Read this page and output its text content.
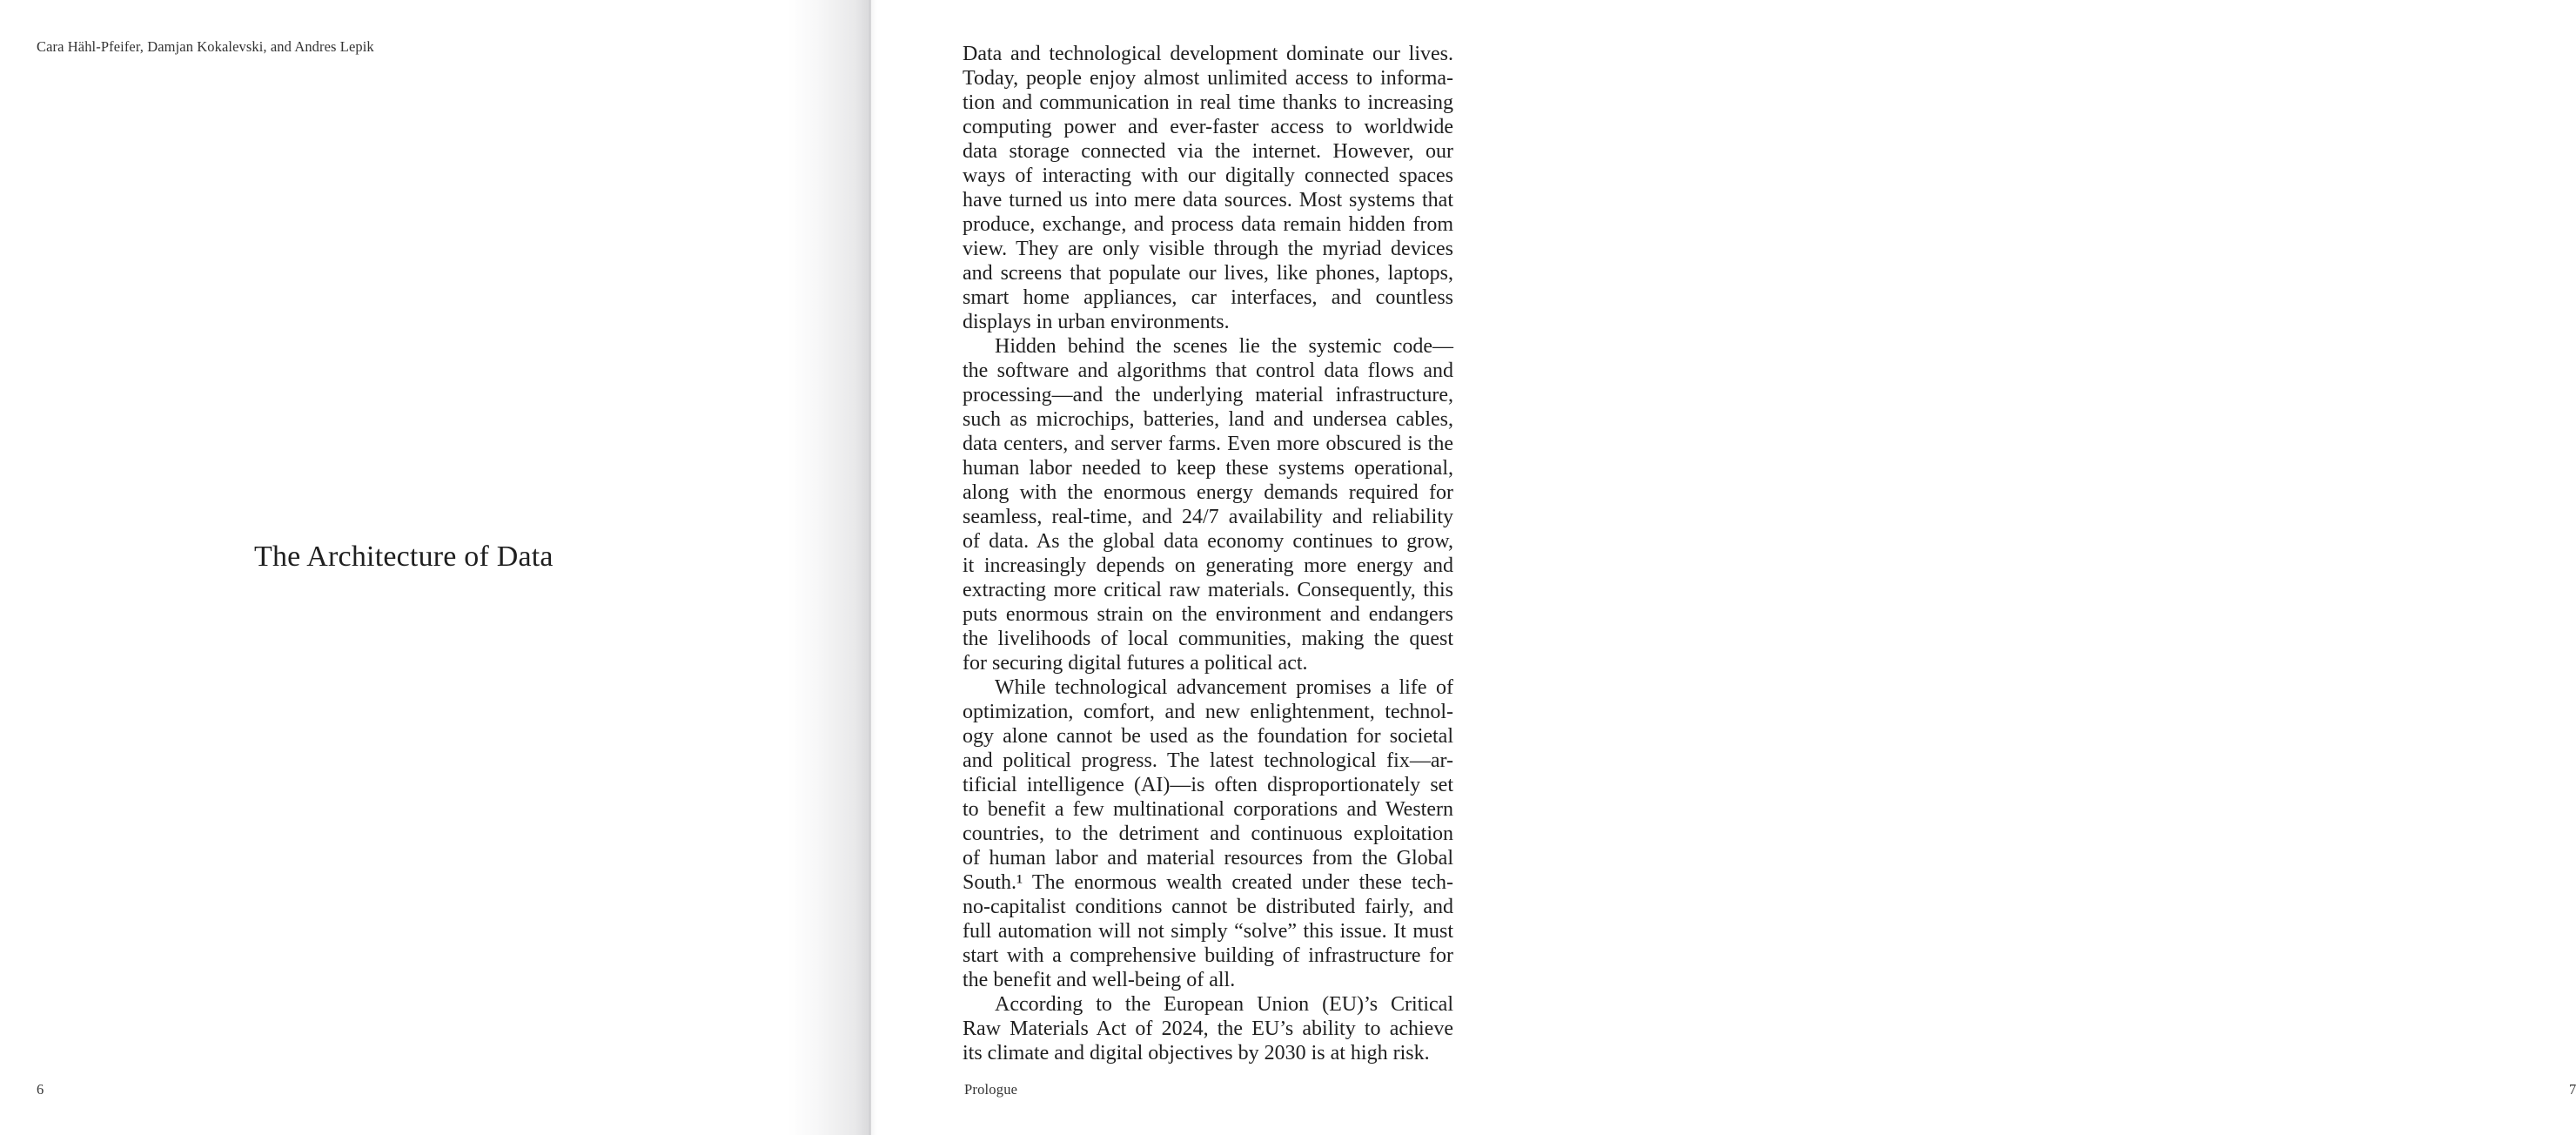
Cara Hähl-Pfeifer, Damjan Kokalevski, and Andres Lepik
The Architecture of Data
6
Data and technological development dominate our lives.
Today, people enjoy almost unlimited access to informa-
tion and communication in real time thanks to increasing
computing power and ever-faster access to worldwide
data storage connected via the internet. However, our
ways of interacting with our digitally connected spaces
have turned us into mere data sources. Most systems that
produce, exchange, and process data remain hidden from
view. They are only visible through the myriad devices
and screens that populate our lives, like phones, laptops,
smart home appliances, car interfaces, and countless
displays in urban environments.
Hidden behind the scenes lie the systemic code—
the software and algorithms that control data flows and
processing—and the underlying material infrastructure,
such as microchips, batteries, land and undersea cables,
data centers, and server farms. Even more obscured is the
human labor needed to keep these systems operational,
along with the enormous energy demands required for
seamless, real-time, and 24/7 availability and reliability
of data. As the global data economy continues to grow,
it increasingly depends on generating more energy and
extracting more critical raw materials. Consequently, this
puts enormous strain on the environment and endangers
the livelihoods of local communities, making the quest
for securing digital futures a political act.
While technological advancement promises a life of
optimization, comfort, and new enlightenment, technol-
ogy alone cannot be used as the foundation for societal
and political progress. The latest technological fix—ar-
tificial intelligence (AI)—is often disproportionately set
to benefit a few multinational corporations and Western
countries, to the detriment and continuous exploitation
of human labor and material resources from the Global
South.¹ The enormous wealth created under these tech-
no-capitalist conditions cannot be distributed fairly, and
full automation will not simply “solve” this issue. It must
start with a comprehensive building of infrastructure for
the benefit and well-being of all.
According to the European Union (EU)’s Critical
Raw Materials Act of 2024, the EU’s ability to achieve
its climate and digital objectives by 2030 is at high risk.
Prologue	7
